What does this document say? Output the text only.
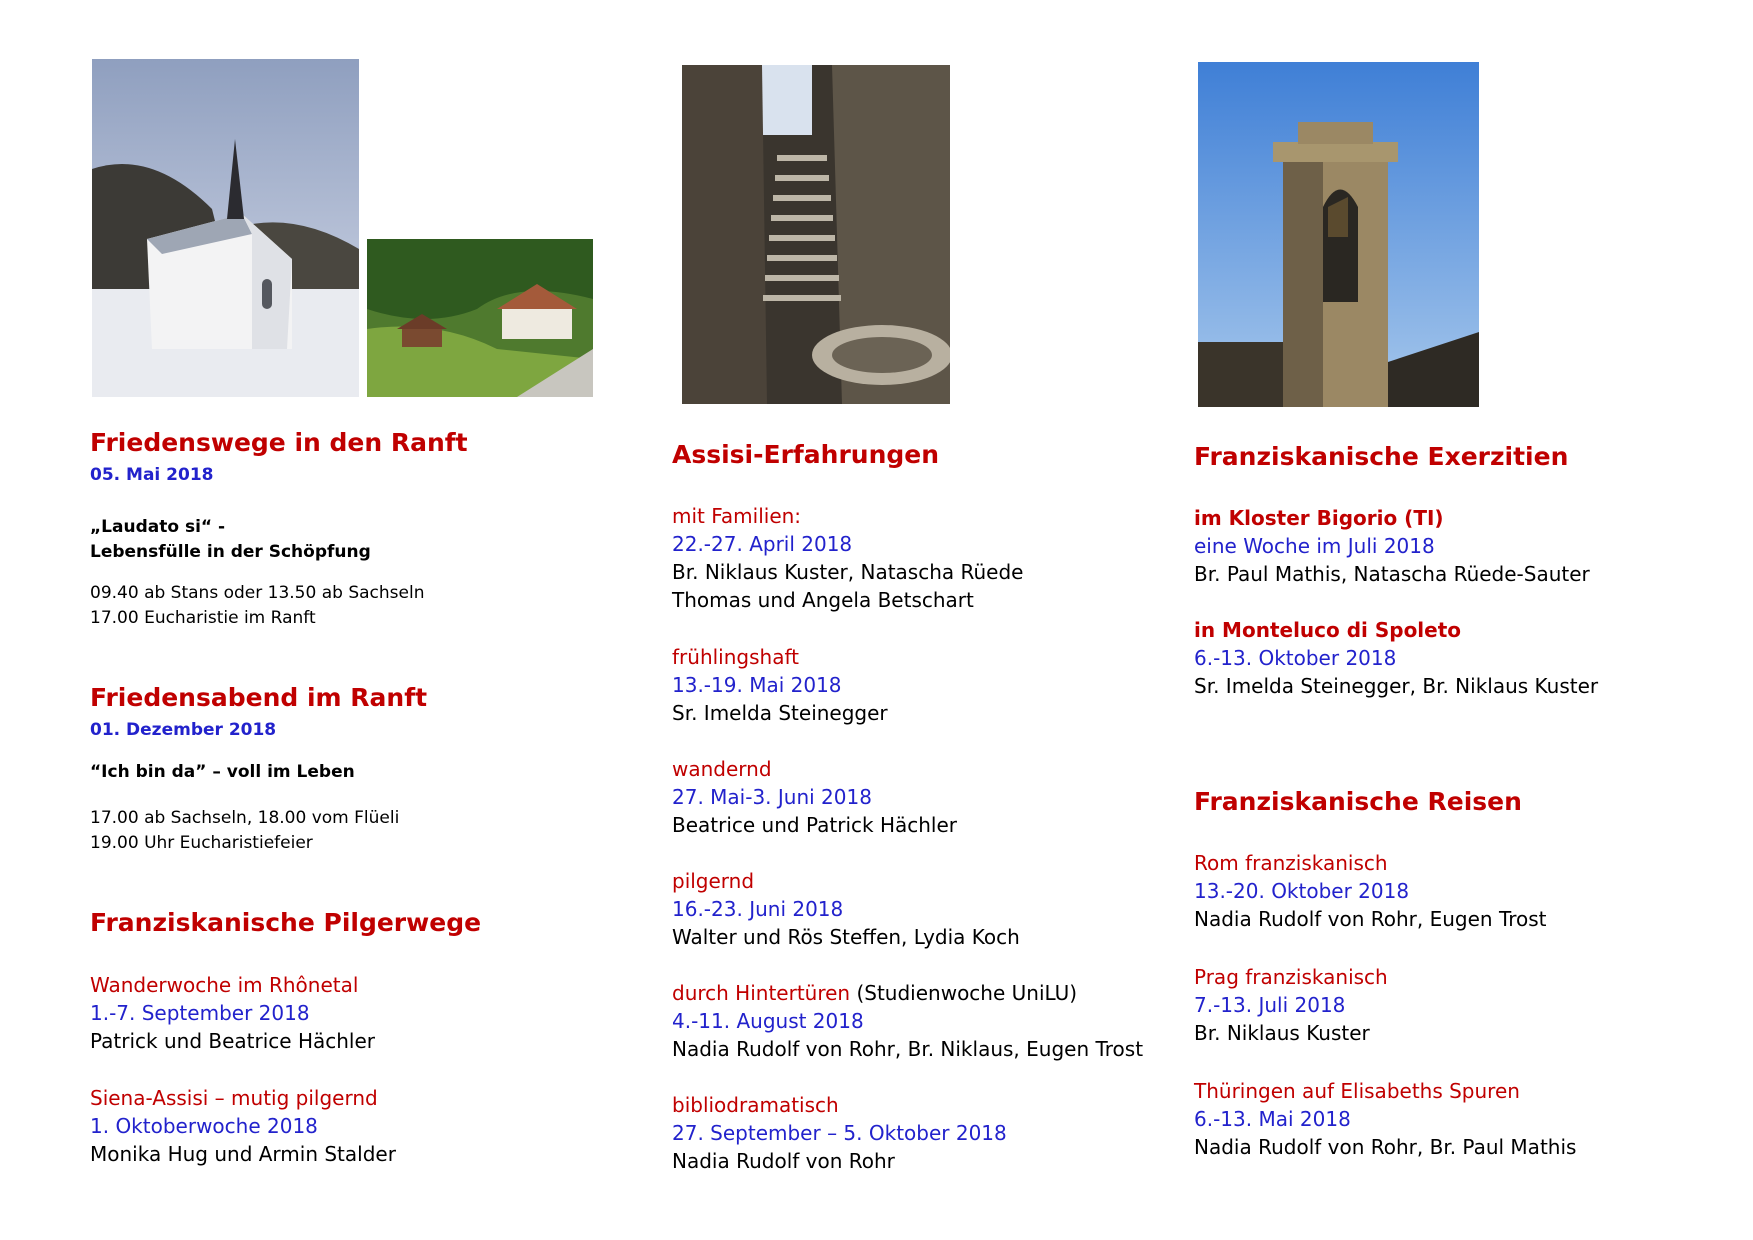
Friedenswege in den Ranft
05. Mai 2018
„Laudato si“ -
Lebensfülle in der Schöpfung
09.40 ab Stans oder 13.50 ab Sachseln
17.00 Eucharistie im Ranft
Friedensabend im Ranft
01. Dezember 2018
“Ich bin da” – voll im Leben
17.00 ab Sachseln, 18.00 vom Flüeli
19.00 Uhr Eucharistiefeier
Franziskanische Pilgerwege
Wanderwoche im Rhônetal
1.-7. September 2018
Patrick und Beatrice Hächler
Siena-Assisi – mutig pilgernd
1. Oktoberwoche 2018
Monika Hug und Armin Stalder
Assisi-Erfahrungen
mit Familien:
22.-27. April 2018
Br. Niklaus Kuster, Natascha Rüede
Thomas und Angela Betschart
frühlingshaft
13.-19. Mai 2018
Sr. Imelda Steinegger
wandernd
27. Mai-3. Juni 2018
Beatrice und Patrick Hächler
pilgernd
16.-23. Juni 2018
Walter und Rös Steffen, Lydia Koch
durch Hintertüren (Studienwoche UniLU)
4.-11. August 2018
Nadia Rudolf von Rohr, Br. Niklaus, Eugen Trost
bibliodramatisch
27. September – 5. Oktober 2018
Nadia Rudolf von Rohr
Franziskanische Exerzitien
im Kloster Bigorio (TI)
eine Woche im Juli 2018
Br. Paul Mathis, Natascha Rüede-Sauter
in Monteluco di Spoleto
6.-13. Oktober 2018
Sr. Imelda Steinegger, Br. Niklaus Kuster
Franziskanische Reisen
Rom franziskanisch
13.-20. Oktober 2018
Nadia Rudolf von Rohr, Eugen Trost
Prag franziskanisch
7.-13. Juli 2018
Br. Niklaus Kuster
Thüringen auf Elisabeths Spuren
6.-13. Mai 2018
Nadia Rudolf von Rohr, Br. Paul Mathis
